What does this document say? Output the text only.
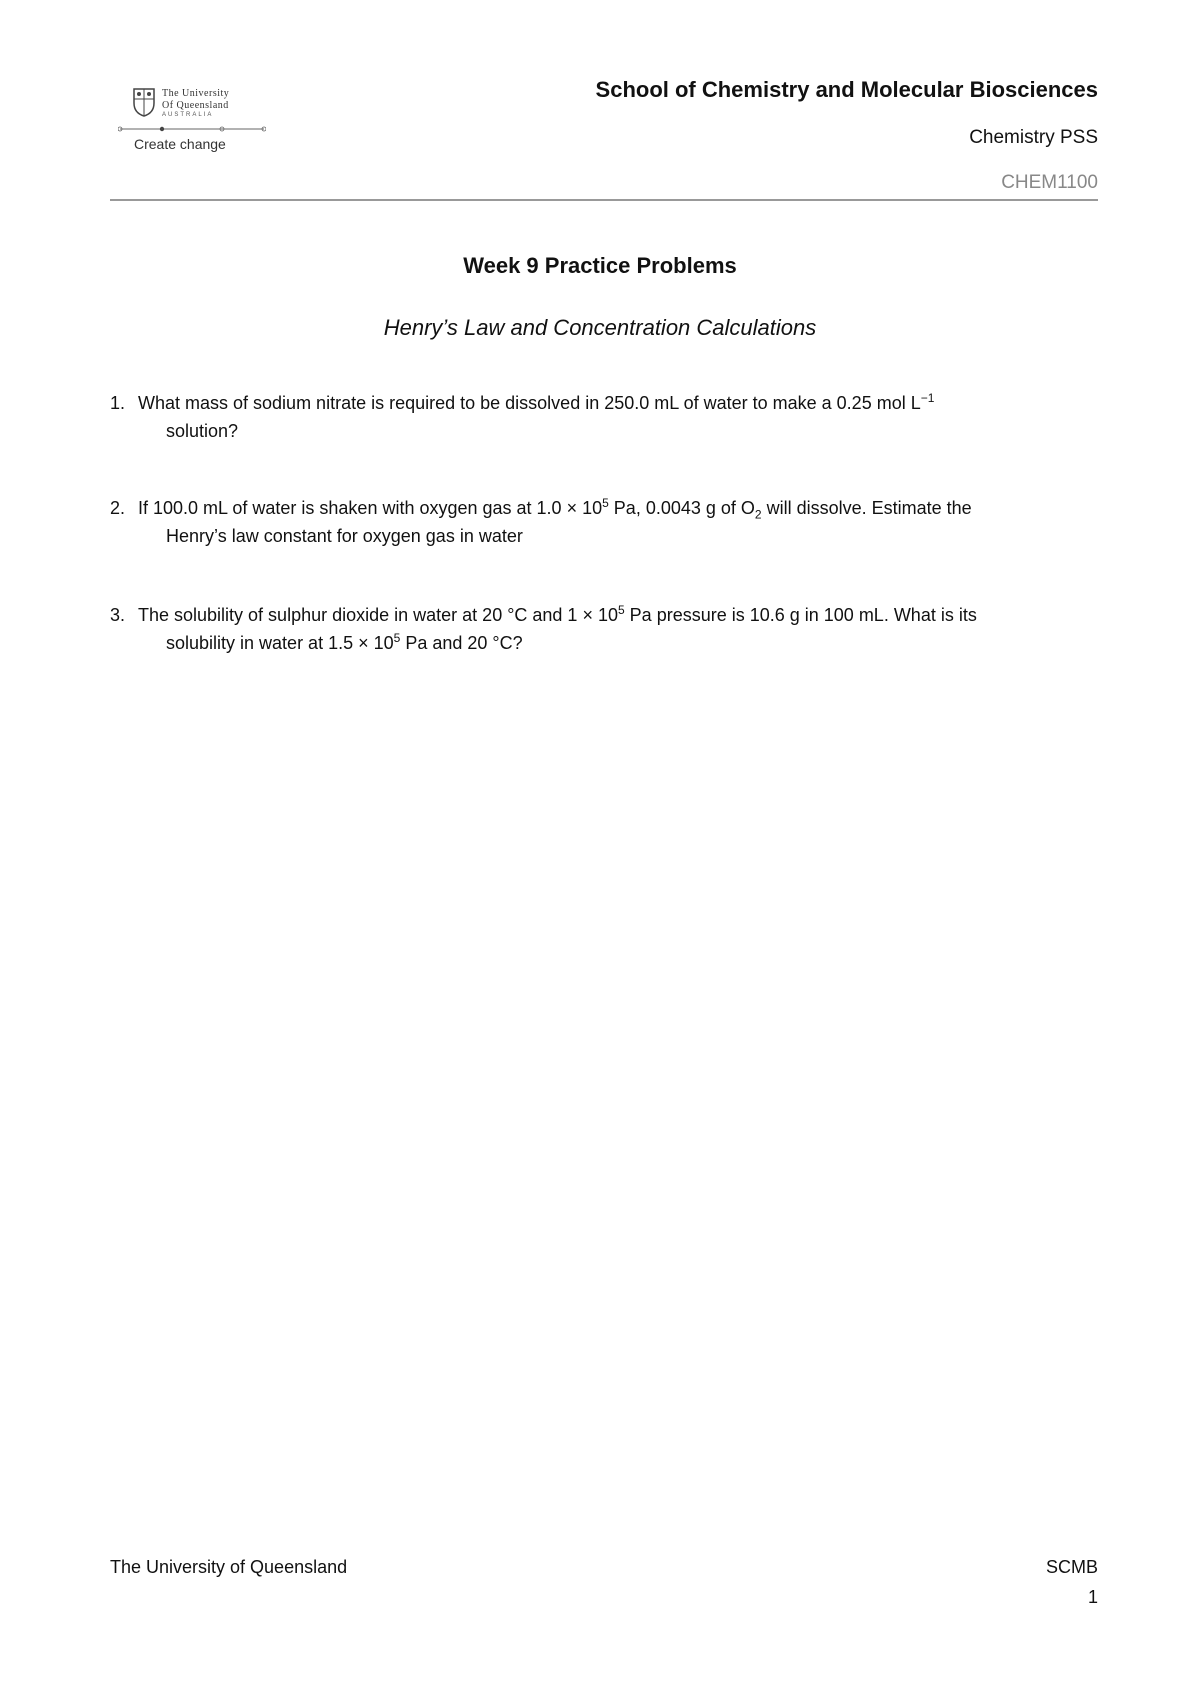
The University
Of Queensland
AUSTRALIA
Create change
School of Chemistry and Molecular Biosciences
Chemistry PSS
CHEM1100
Week 9 Practice Problems
Henry’s Law and Concentration Calculations
1. What mass of sodium nitrate is required to be dissolved in 250.0 mL of water to make a 0.25 mol $L^{-1}$
solution?
2. If 100.0 mL of water is shaken with oxygen gas at $1.0 \times 10^5$ Pa, 0.0043 g of $O_2$ will dissolve. Estimate the
Henry’s law constant for oxygen gas in water
3. The solubility of sulphur dioxide in water at 20 °C and $1 \times 10^5$ Pa pressure is 10.6 g in 100 mL. What is its
solubility in water at $1.5 \times 10^5$ Pa and 20 °C?
The University of Queensland	SCMB
1
